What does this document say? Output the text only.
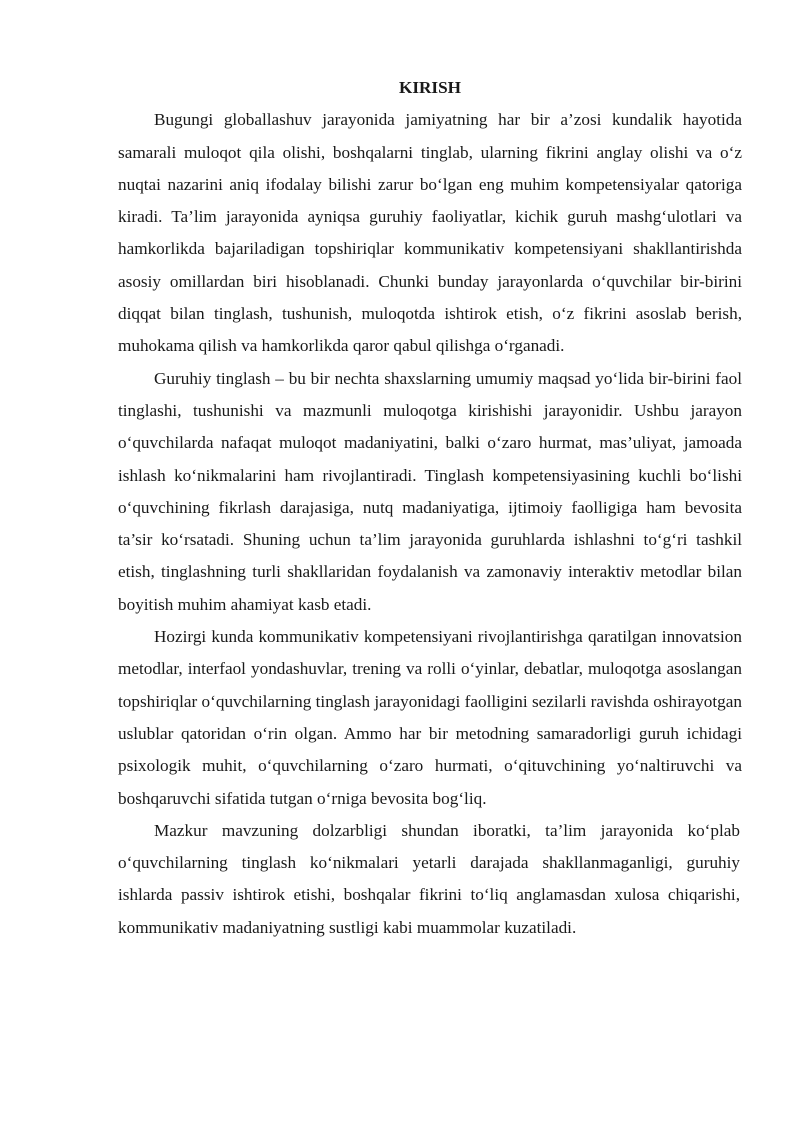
KIRISH

Bugungi globallashuv jarayonida jamiyatning har bir a’zosi kundalik hayotida samarali muloqot qila olishi, boshqalarni tinglab, ularning fikrini anglay olishi va o‘z nuqtai nazarini aniq ifodalay bilishi zarur bo‘lgan eng muhim kompetensiyalar qatoriga kiradi. Ta’lim jarayonida ayniqsa guruhiy faoliyatlar, kichik guruh mashg‘ulotlari va hamkorlikda bajariladigan topshiriqlar kommunikativ kompetensiyani shakllantirishda asosiy omillardan biri hisoblanadi. Chunki bunday jarayonlarda o‘quvchilar bir-birini diqqat bilan tinglash, tushunish, muloqotda ishtirok etish, o‘z fikrini asoslab berish, muhokama qilish va hamkorlikda qaror qabul qilishga o‘rganadi.

Guruhiy tinglash – bu bir nechta shaxslarning umumiy maqsad yo‘lida bir-birini faol tinglashi, tushunishi va mazmunli muloqotga kirishishi jarayonidir. Ushbu jarayon o‘quvchilarda nafaqat muloqot madaniyatini, balki o‘zaro hurmat, mas’uliyat, jamoada ishlash ko‘nikmalarini ham rivojlantiradi. Tinglash kompetensiyasining kuchli bo‘lishi o‘quvchining fikrlash darajasiga, nutq madaniyatiga, ijtimoiy faolligiga ham bevosita ta’sir ko‘rsatadi. Shuning uchun ta’lim jarayonida guruhlarda ishlashni to‘g‘ri tashkil etish, tinglashning turli shakllaridan foydalanish va zamonaviy interaktiv metodlar bilan boyitish muhim ahamiyat kasb etadi.

Hozirgi kunda kommunikativ kompetensiyani rivojlantirishga qaratilgan innovatsion metodlar, interfaol yondashuvlar, trening va rolli o‘yinlar, debatlar, muloqotga asoslangan topshiriqlar o‘quvchilarning tinglash jarayonidagi faolligini sezilarli ravishda oshirayotgan uslublar qatoridan o‘rin olgan. Ammo har bir metodning samaradorligi guruh ichidagi psixologik muhit, o‘quvchilarning o‘zaro hurmati, o‘qituvchining yo‘naltiruvchi va boshqaruvchi sifatida tutgan o‘rniga bevosita bog‘liq.

Mazkur mavzuning dolzarbligi shundan iboratki, ta’lim jarayonida ko‘plab o‘quvchilarning tinglash ko‘nikmalari yetarli darajada shakllanmaganligi, guruhiy ishlarda passiv ishtirok etishi, boshqalar fikrini to‘liq anglamasdan xulosa chiqarishi, kommunikativ madaniyatning sustligi kabi muammolar kuzatiladi.
